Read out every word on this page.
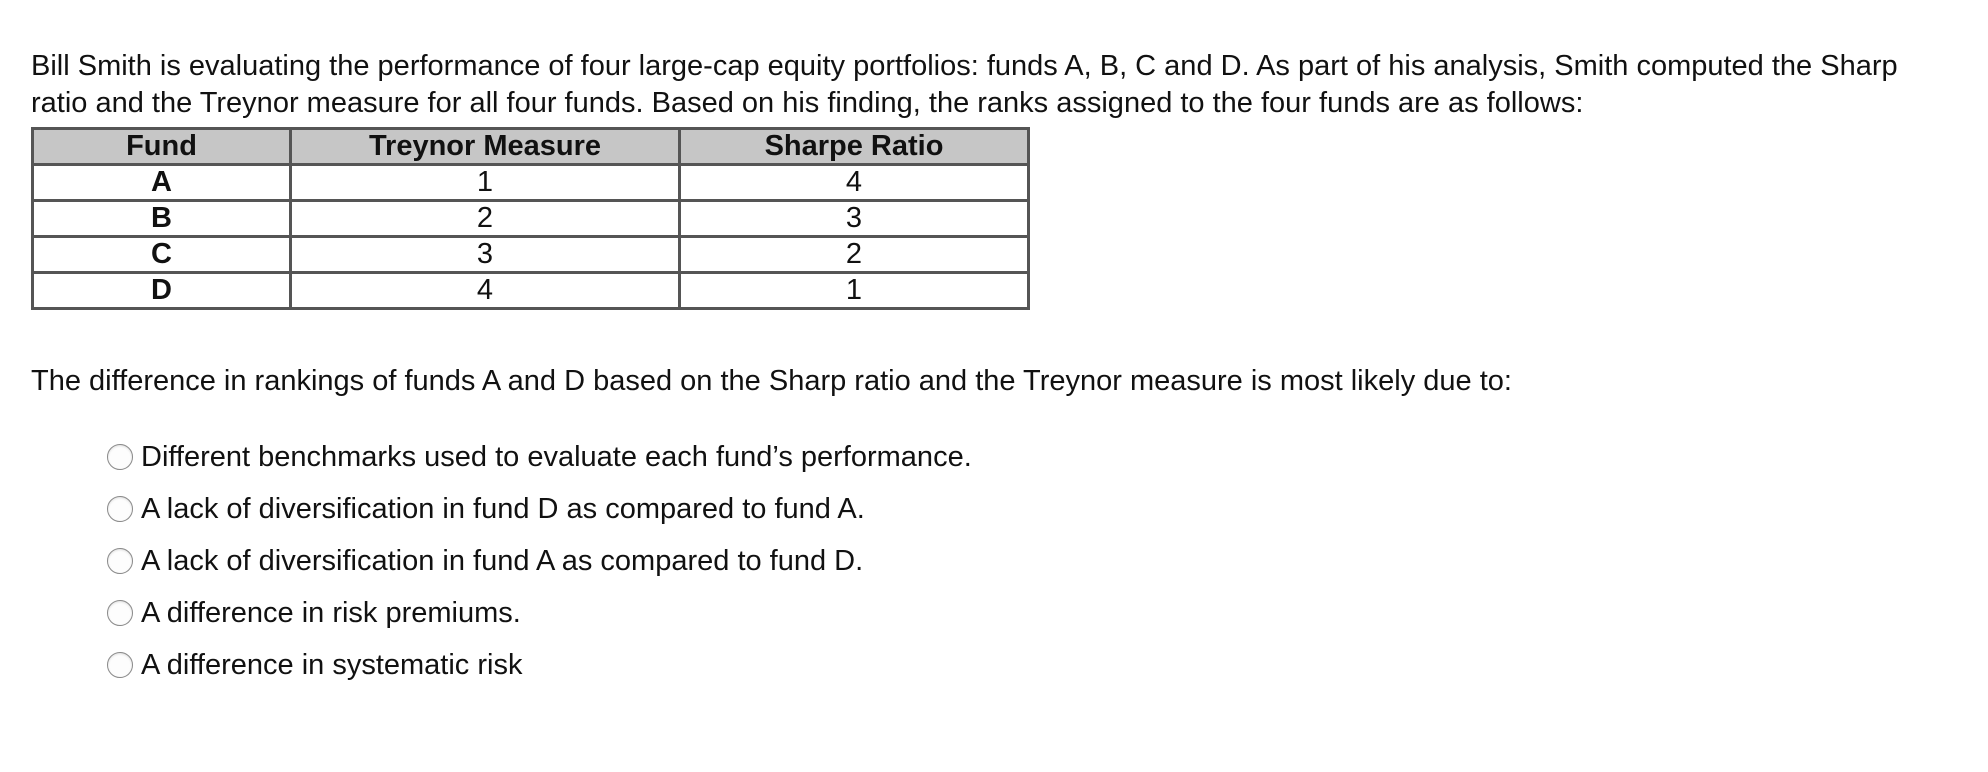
Bill Smith is evaluating the performance of four large-cap equity portfolios: funds A, B, C and D. As part of his analysis, Smith computed the Sharp ratio and the Treynor measure for all four funds. Based on his finding, the ranks assigned to the four funds are as follows:

Fund	Treynor Measure	Sharpe Ratio
A	1	4
B	2	3
C	3	2
D	4	1

The difference in rankings of funds A and D based on the Sharp ratio and the Treynor measure is most likely due to:

Different benchmarks used to evaluate each fund’s performance.
A lack of diversification in fund D as compared to fund A.
A lack of diversification in fund A as compared to fund D.
A difference in risk premiums.
A difference in systematic risk
